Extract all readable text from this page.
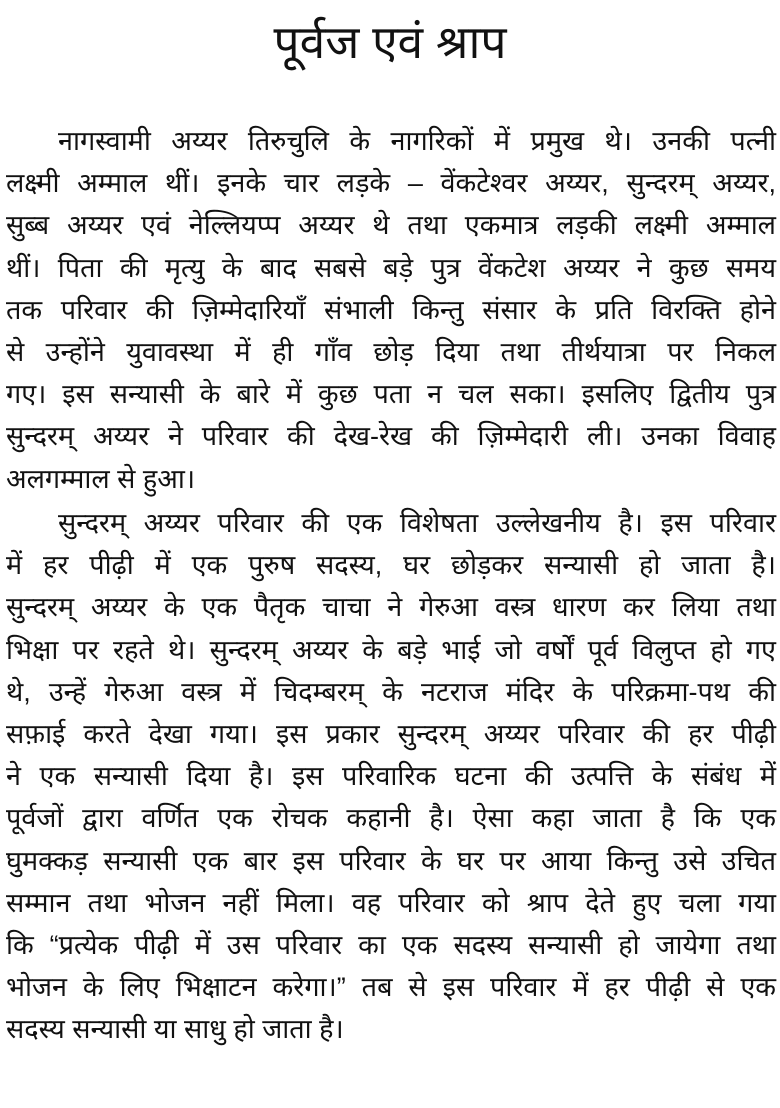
पूर्वज एवं श्राप
नागस्वामी अय्यर तिरुचुलि के नागरिकों में प्रमुख थे। उनकी पत्नी
लक्ष्मी अम्माल थीं। इनके चार लड़के – वेंकटेश्वर अय्यर, सुन्दरम् अय्यर,
सुब्ब अय्यर एवं नेल्लियप्प अय्यर थे तथा एकमात्र लड़की लक्ष्मी अम्माल
थीं। पिता की मृत्यु के बाद सबसे बड़े पुत्र वेंकटेश अय्यर ने कुछ समय
तक परिवार की ज़िम्मेदारियाँ संभाली किन्तु संसार के प्रति विरक्ति होने
से उन्होंने युवावस्था में ही गाँव छोड़ दिया तथा तीर्थयात्रा पर निकल
गए। इस सन्यासी के बारे में कुछ पता न चल सका। इसलिए द्वितीय पुत्र
सुन्दरम् अय्यर ने परिवार की देख-रेख की ज़िम्मेदारी ली। उनका विवाह
अलगम्माल से हुआ।
सुन्दरम् अय्यर परिवार की एक विशेषता उल्लेखनीय है। इस परिवार
में हर पीढ़ी में एक पुरुष सदस्य, घर छोड़कर सन्यासी हो जाता है।
सुन्दरम् अय्यर के एक पैतृक चाचा ने गेरुआ वस्त्र धारण कर लिया तथा
भिक्षा पर रहते थे। सुन्दरम् अय्यर के बड़े भाई जो वर्षों पूर्व विलुप्त हो गए
थे, उन्हें गेरुआ वस्त्र में चिदम्बरम् के नटराज मंदिर के परिक्रमा-पथ की
सफ़ाई करते देखा गया। इस प्रकार सुन्दरम् अय्यर परिवार की हर पीढ़ी
ने एक सन्यासी दिया है। इस परिवारिक घटना की उत्पत्ति के संबंध में
पूर्वजों द्वारा वर्णित एक रोचक कहानी है। ऐसा कहा जाता है कि एक
घुमक्कड़ सन्यासी एक बार इस परिवार के घर पर आया किन्तु उसे उचित
सम्मान तथा भोजन नहीं मिला। वह परिवार को श्राप देते हुए चला गया
कि “प्रत्येक पीढ़ी में उस परिवार का एक सदस्य सन्यासी हो जायेगा तथा
भोजन के लिए भिक्षाटन करेगा।” तब से इस परिवार में हर पीढ़ी से एक
सदस्य सन्यासी या साधु हो जाता है।
